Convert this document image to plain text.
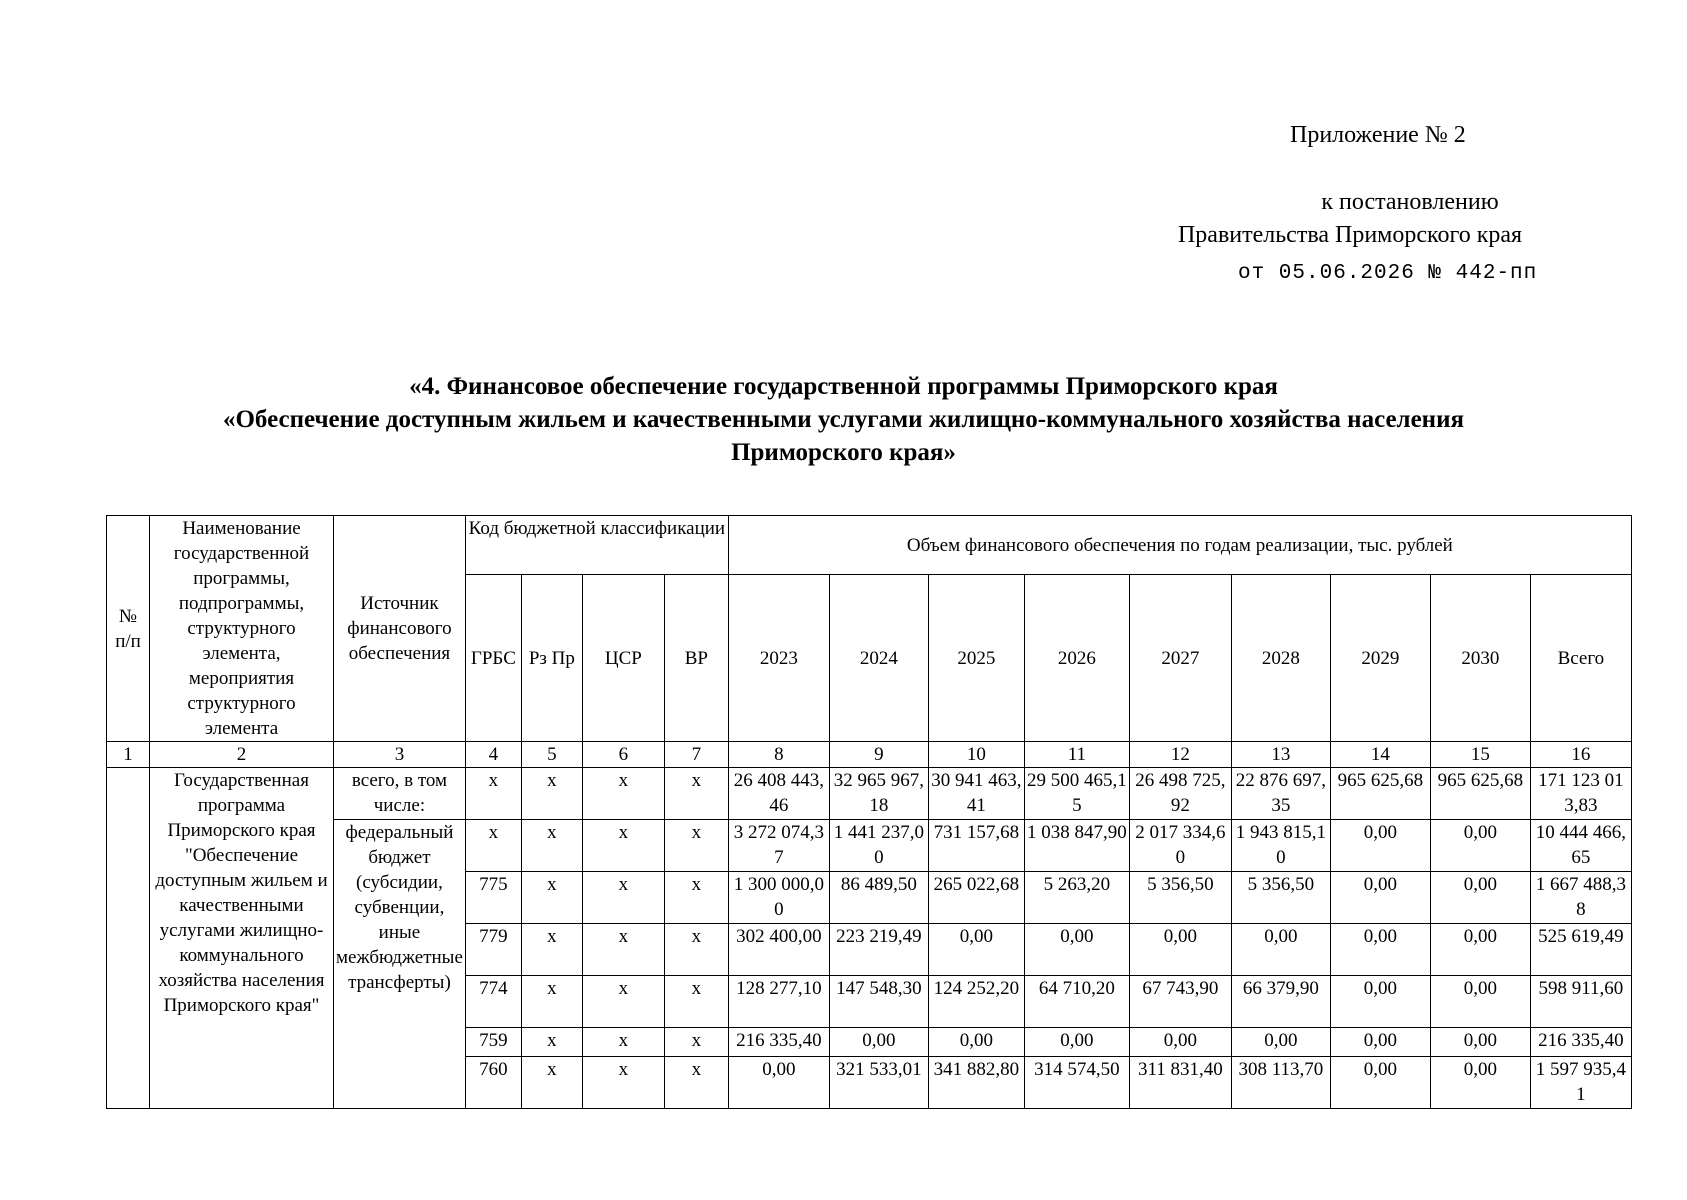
Приложение № 2
к постановлению
Правительства Приморского края
от 05.06.2026 № 442-пп
«4. Финансовое обеспечение государственной программы Приморского края
«Обеспечение доступным жильем и качественными услугами жилищно-коммунального хозяйства населения
Приморского края»
№ п/п	Наименование государственной программы, подпрограммы, структурного элемента, мероприятия структурного элемента	Источник финансового обеспечения	Код бюджетной классификации				Объем финансового обеспечения по годам реализации, тыс. рублей								
			ГРБС	Рз Пр	ЦСР	ВР	2023	2024	2025	2026	2027	2028	2029	2030	Всего
1	2	3	4	5	6	7	8	9	10	11	12	13	14	15	16
	Государственная программа Приморского края "Обеспечение доступным жильем и качественными услугами жилищно-коммунального хозяйства населения Приморского края"	всего, в том числе:	x	x	x	x	26 408 443,46	32 965 967,18	30 941 463,41	29 500 465,15	26 498 725,92	22 876 697,35	965 625,68	965 625,68	171 123 013,83
		федеральный бюджет (субсидии, субвенции, иные межбюджетные трансферты)	x	x	x	x	3 272 074,37	1 441 237,00	731 157,68	1 038 847,90	2 017 334,60	1 943 815,10	0,00	0,00	10 444 466,65
			775	x	x	x	1 300 000,00	86 489,50	265 022,68	5 263,20	5 356,50	5 356,50	0,00	0,00	1 667 488,38
			779	x	x	x	302 400,00	223 219,49	0,00	0,00	0,00	0,00	0,00	0,00	525 619,49
			774	x	x	x	128 277,10	147 548,30	124 252,20	64 710,20	67 743,90	66 379,90	0,00	0,00	598 911,60
			759	x	x	x	216 335,40	0,00	0,00	0,00	0,00	0,00	0,00	0,00	216 335,40
			760	x	x	x	0,00	321 533,01	341 882,80	314 574,50	311 831,40	308 113,70	0,00	0,00	1 597 935,41
